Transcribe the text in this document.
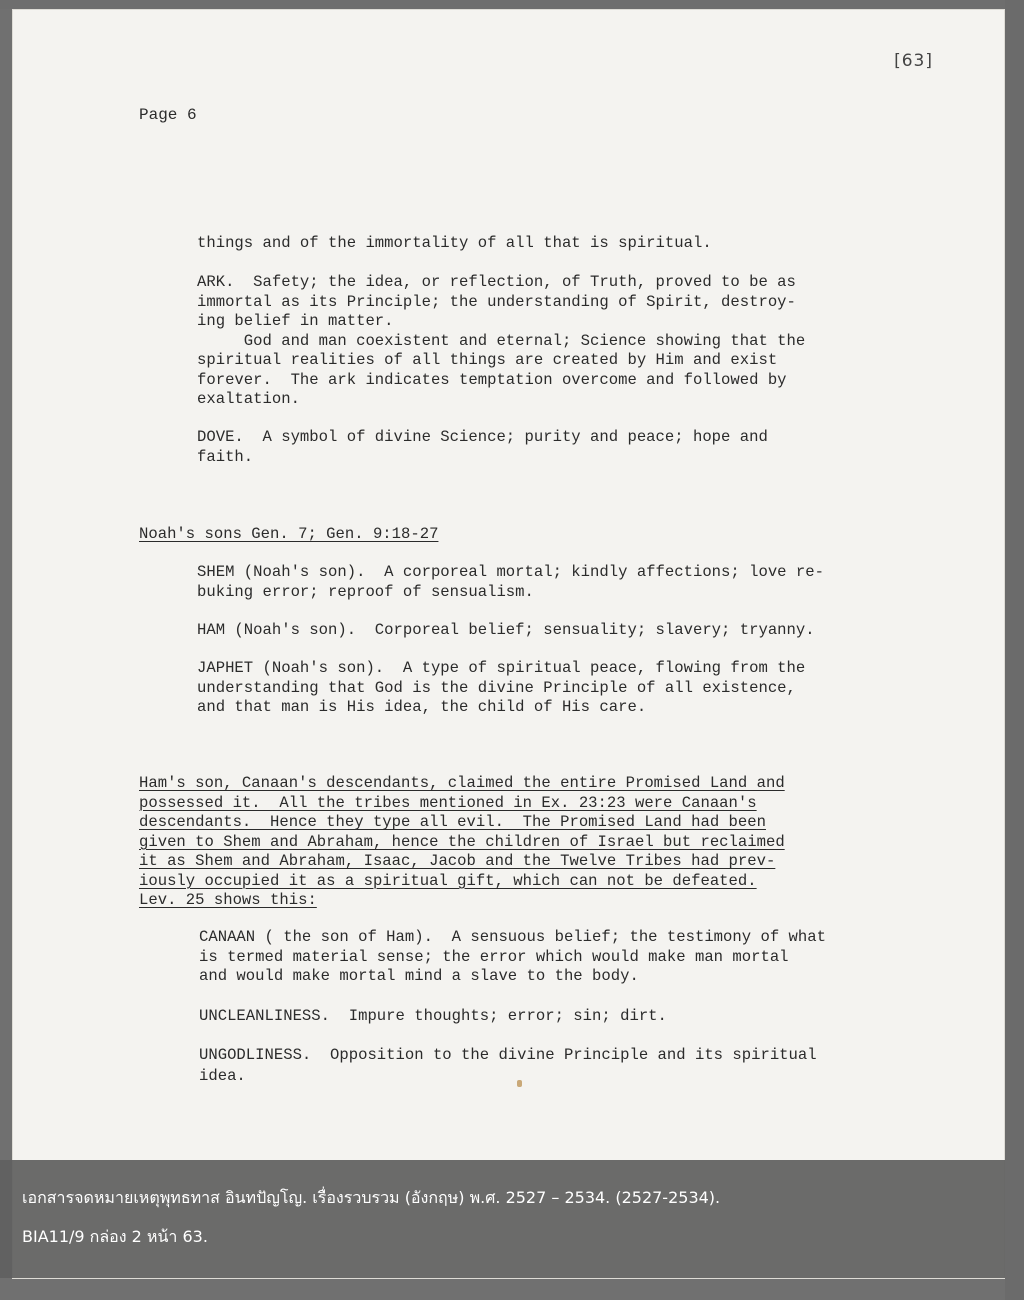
[63]
Page 6

things and of the immortality of all that is spiritual.

ARK.  Safety; the idea, or reflection, of Truth, proved to be as

immortal as its Principle; the understanding of Spirit, destroy-

ing belief in matter.

God and man coexistent and eternal; Science showing that the

spiritual realities of all things are created by Him and exist

forever.  The ark indicates temptation overcome and followed by

exaltation.

DOVE.  A symbol of divine Science; purity and peace; hope and

faith.

Noah's sons Gen. 7; Gen. 9:18-27

SHEM (Noah's son).  A corporeal mortal; kindly affections; love re-

buking error; reproof of sensualism.

HAM (Noah's son).  Corporeal belief; sensuality; slavery; tryanny.

JAPHET (Noah's son).  A type of spiritual peace, flowing from the

understanding that God is the divine Principle of all existence,

and that man is His idea, the child of His care.

Ham's son, Canaan's descendants, claimed the entire Promised Land and

possessed it.  All the tribes mentioned in Ex. 23:23 were Canaan's

descendants.  Hence they type all evil.  The Promised Land had been

given to Shem and Abraham, hence the children of Israel but reclaimed

it as Shem and Abraham, Isaac, Jacob and the Twelve Tribes had prev-

iously occupied it as a spiritual gift, which can not be defeated.

Lev. 25 shows this:

CANAAN ( the son of Ham).  A sensuous belief; the testimony of what

is termed material sense; the error which would make man mortal

and would make mortal mind a slave to the body.

UNCLEANLINESS.  Impure thoughts; error; sin; dirt.

UNGODLINESS.  Opposition to the divine Principle and its spiritual

idea.

เอกสารจดหมายเหตุพุทธทาส อินทปัญโญ. เรื่องรวบรวม (อังกฤษ) พ.ศ. 2527 – 2534. (2527-2534).
BIA11/9 กล่อง 2 หน้า 63.
